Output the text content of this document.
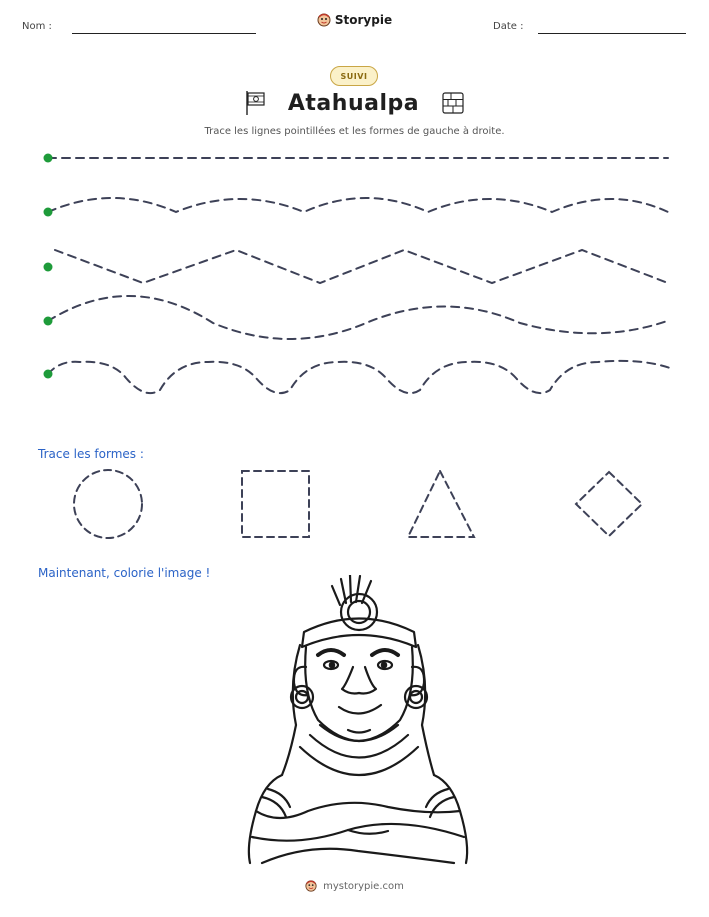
Nom :	Storypie	Date :
SUIVI
Atahualpa
Trace les lignes pointillées et les formes de gauche à droite.
Trace les formes :
Maintenant, colorie l'image !
mystorypie.com
